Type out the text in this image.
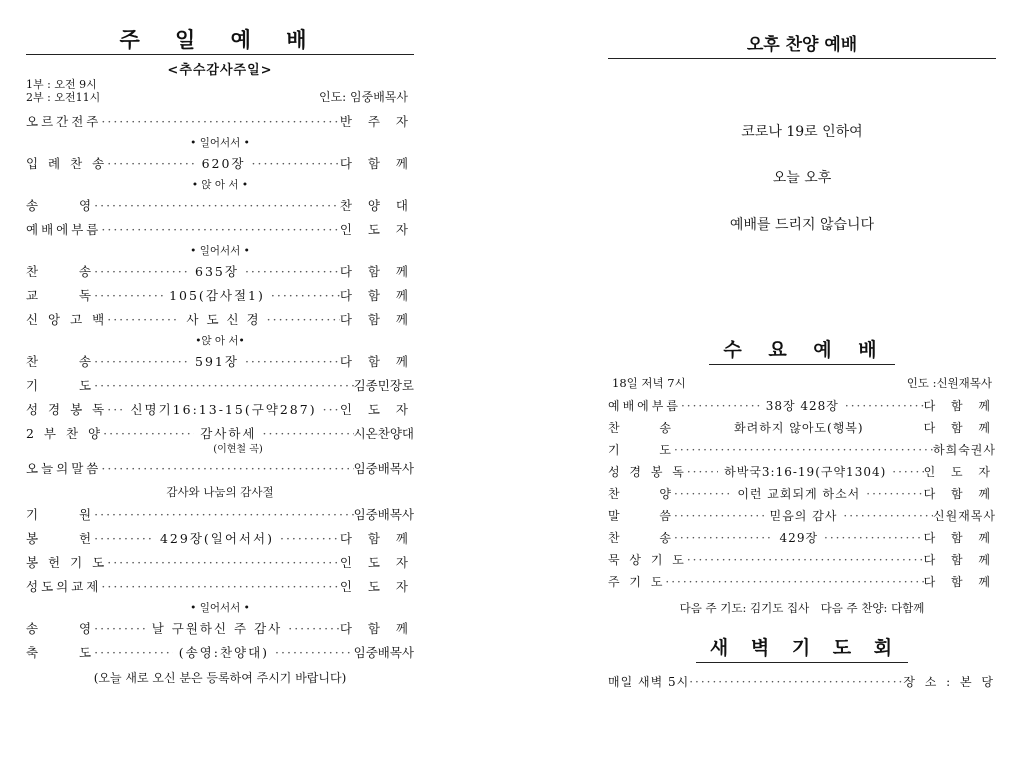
주 일 예 배
<추수감사주일>
1부 : 오전 9시
2부 : 오전11시	인도: 임중배목사
오르간전주 ·····	반 주 자
• 일어서서 •
입 례 찬 송 ·····	620장 ·····	다 함 께
• 앉 아 서 •
송　　 영 ·····	찬 양 대
예배에부름 ·····	인 도 자
• 일어서서 •
찬　　 송 ·····	635장 ·····	다 함 께
교　　 독 ·····	105(감사절1) ·····	다 함 께
신 앙 고 백 ·····	사 도 신 경 ·····	다 함 께
•앉 아 서•
찬　　 송 ·····	591장 ·····	다 함 께
기　　 도 ·····	김종민장로
성 경 봉 독 ·····	신명기16:13-15(구약287) ·····	인 도 자
2 부 찬 양 ·····	감사하세 ·····	시온찬양대
(이현철 곡)
오늘의말씀 ·····	임중배목사
감사와 나눔의 감사절
기　　 원 ·····	임중배목사
봉　　 헌 ·····	429장(일어서서) ·····	다 함 께
봉 헌 기 도 ·····	인 도 자
성도의교제 ·····	인 도 자
• 일어서서 •
송　　 영 ·····	날 구원하신 주 감사 ·····	다 함 께
축　　 도 ·····	(송영:찬양대) ·····	임중배목사
(오늘 새로 오신 분은 등록하여 주시기 바랍니다)
오후 찬양 예배
코로나 19로 인하여
오늘 오후
예배를 드리지 않습니다
수 요 예 배
18일 저녁 7시	인도 :신원재목사
예배에부름 ·····	38장 428장 ·····	다 함 께
찬　　 송	화려하지 않아도(행복)	다 함 께
기　　 도 ·····	하희숙권사
성 경 봉 독 ·····	하박국3:16-19(구약1304) ·····	인 도 자
찬　　 양 ·····	이런 교회되게 하소서 ·····	다 함 께
말　　 씀 ·····	믿음의 감사 ·····	신원재목사
찬　　 송 ·····	429장 ·····	다 함 께
묵 상 기 도 ·····	다 함 께
주 기 도 ·····	다 함 께
다음 주 기도: 김기도 집사　다음 주 찬양: 다함께
새 벽 기 도 회
매일 새벽 5시 ·····	장 소 : 본 당
